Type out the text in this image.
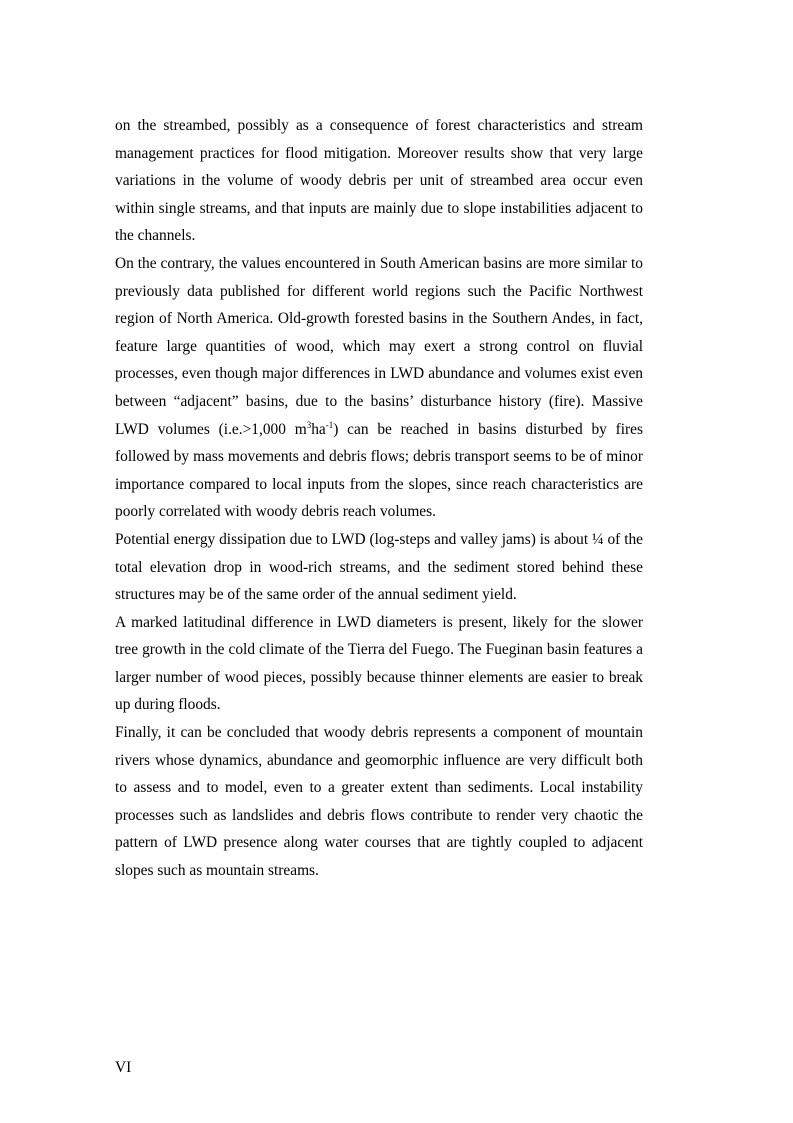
on the streambed, possibly as a consequence of forest characteristics and stream management practices for flood mitigation. Moreover results show that very large variations in the volume of woody debris per unit of streambed area occur even within single streams, and that inputs are mainly due to slope instabilities adjacent to the channels.

On the contrary, the values encountered in South American basins are more similar to previously data published for different world regions such the Pacific Northwest region of North America. Old-growth forested basins in the Southern Andes, in fact, feature large quantities of wood, which may exert a strong control on fluvial processes, even though major differences in LWD abundance and volumes exist even between “adjacent” basins, due to the basins’ disturbance history (fire). Massive LWD volumes (i.e.>1,000 $m^3ha^{-1}$) can be reached in basins disturbed by fires followed by mass movements and debris flows; debris transport seems to be of minor importance compared to local inputs from the slopes, since reach characteristics are poorly correlated with woody debris reach volumes.

Potential energy dissipation due to LWD (log-steps and valley jams) is about ¼ of the total elevation drop in wood-rich streams, and the sediment stored behind these structures may be of the same order of the annual sediment yield.

A marked latitudinal difference in LWD diameters is present, likely for the slower tree growth in the cold climate of the Tierra del Fuego. The Fueginan basin features a larger number of wood pieces, possibly because thinner elements are easier to break up during floods.

Finally, it can be concluded that woody debris represents a component of mountain rivers whose dynamics, abundance and geomorphic influence are very difficult both to assess and to model, even to a greater extent than sediments. Local instability processes such as landslides and debris flows contribute to render very chaotic the pattern of LWD presence along water courses that are tightly coupled to adjacent slopes such as mountain streams.

VI
